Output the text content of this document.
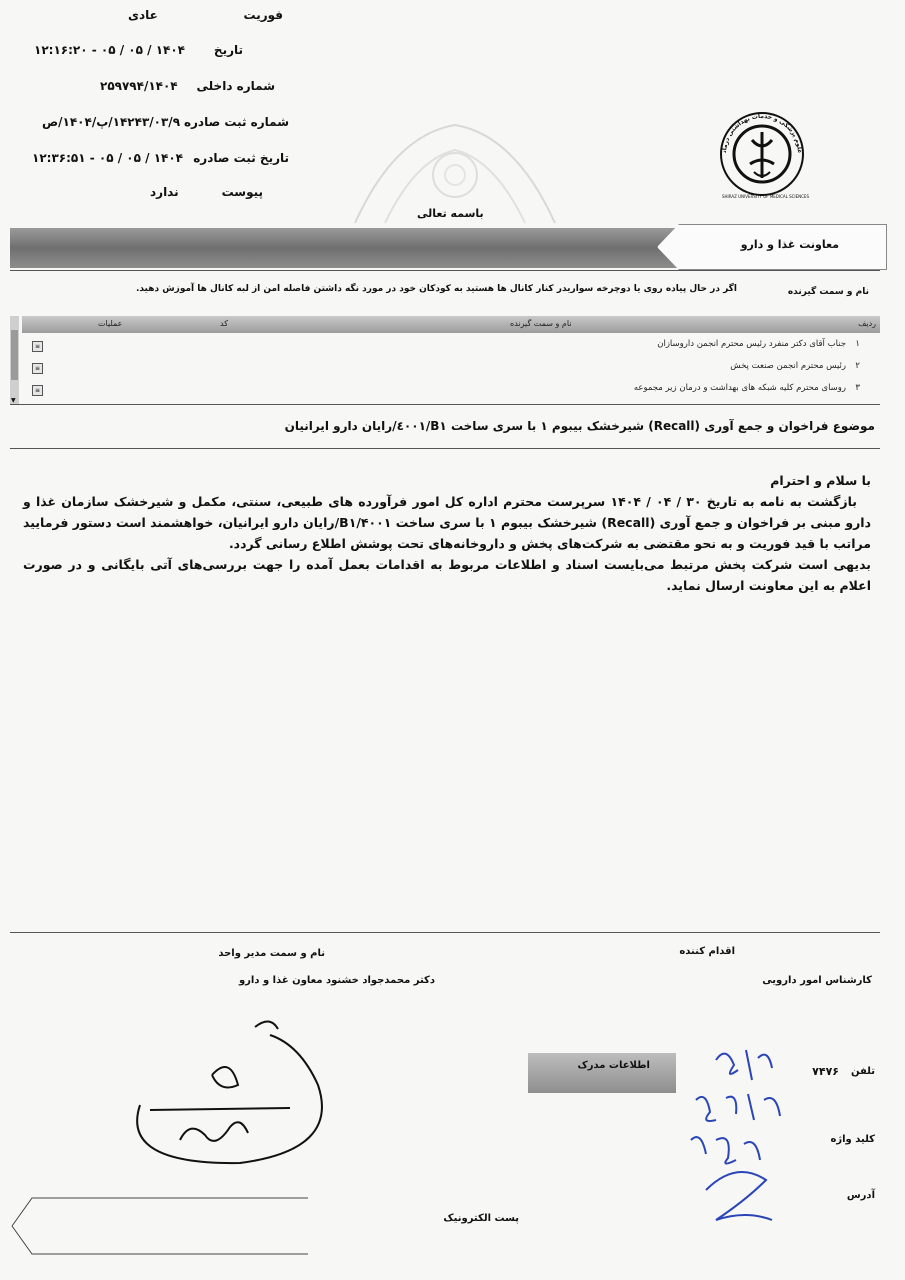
فوریت
عادی
تاریخ
۱۴۰۴ / ۰۵ / ۰۵ - ۱۲:۱۶:۲۰
شماره داخلی
۲۵۹۷۹۴/۱۴۰۴
شماره ثبت صادره
۱۴۲۴۳/۰۳/۹/پ/۱۴۰۴/ص
تاریخ ثبت صادره
۱۴۰۴ / ۰۵ / ۰۵ - ۱۲:۳۶:۵۱
پیوست
ندارد
باسمه تعالی
علوم پزشکی و خدمات بهداشتی درمان
SHIRAZ UNIVERSITY OF MEDICAL SCIENCES
معاونت غذا و دارو
نام و سمت گیرنده
اگر در حال پیاده روی یا دوچرخه سواریدر کنار کانال ها هستید به کودکان خود در مورد نگه داشتن فاصله امن از لبه کانال ها آموزش دهید.
ردیف
نام و سمت گیرنده
کد
عملیات
▼
۱
جناب آقای دکتر منفرد رئیس محترم انجمن داروسازان
≡
۲
رئیس محترم انجمن صنعت پخش
≡
۳
روسای محترم کلیه شبکه های بهداشت و درمان زیر مجموعه
≡
موضوع فراخوان و جمع آوری (Recall) شیرخشک بیبوم ۱ با سری ساخت B۱/٤٠٠١/رایان دارو ایرانیان

با سلام و احترام

بازگشت به نامه به تاریخ ۳۰ / ۰۴ / ۱۴۰۴ سرپرست محترم اداره کل امور فرآورده های طبیعی، سنتی، مکمل و شیرخشک سازمان غذا و دارو مبنی بر فراخوان و جمع آوری (Recall) شیرخشک بیبوم ۱ با سری ساخت B۱/۴۰۰۱/رایان دارو ایرانیان، خواهشمند است دستور فرمایید مراتب با قید فوریت و به نحو مقتضی به شرکت‌های پخش و داروخانه‌های تحت پوشش اطلاع رسانی گردد.

بدیهی است شرکت پخش مرتبط می‌بایست اسناد و اطلاعات مربوط به اقدامات بعمل آمده را جهت بررسی‌های آتی بایگانی و در صورت اعلام به این معاونت ارسال نماید.

اقدام کننده
کارشناس امور دارویی
نام و سمت مدیر واحد
دکتر محمدجواد خشنود معاون غذا و دارو
اطلاعات مدرک
تلفن
۷۴۷۶
کلید واژه
آدرس
پست الکترونیک
